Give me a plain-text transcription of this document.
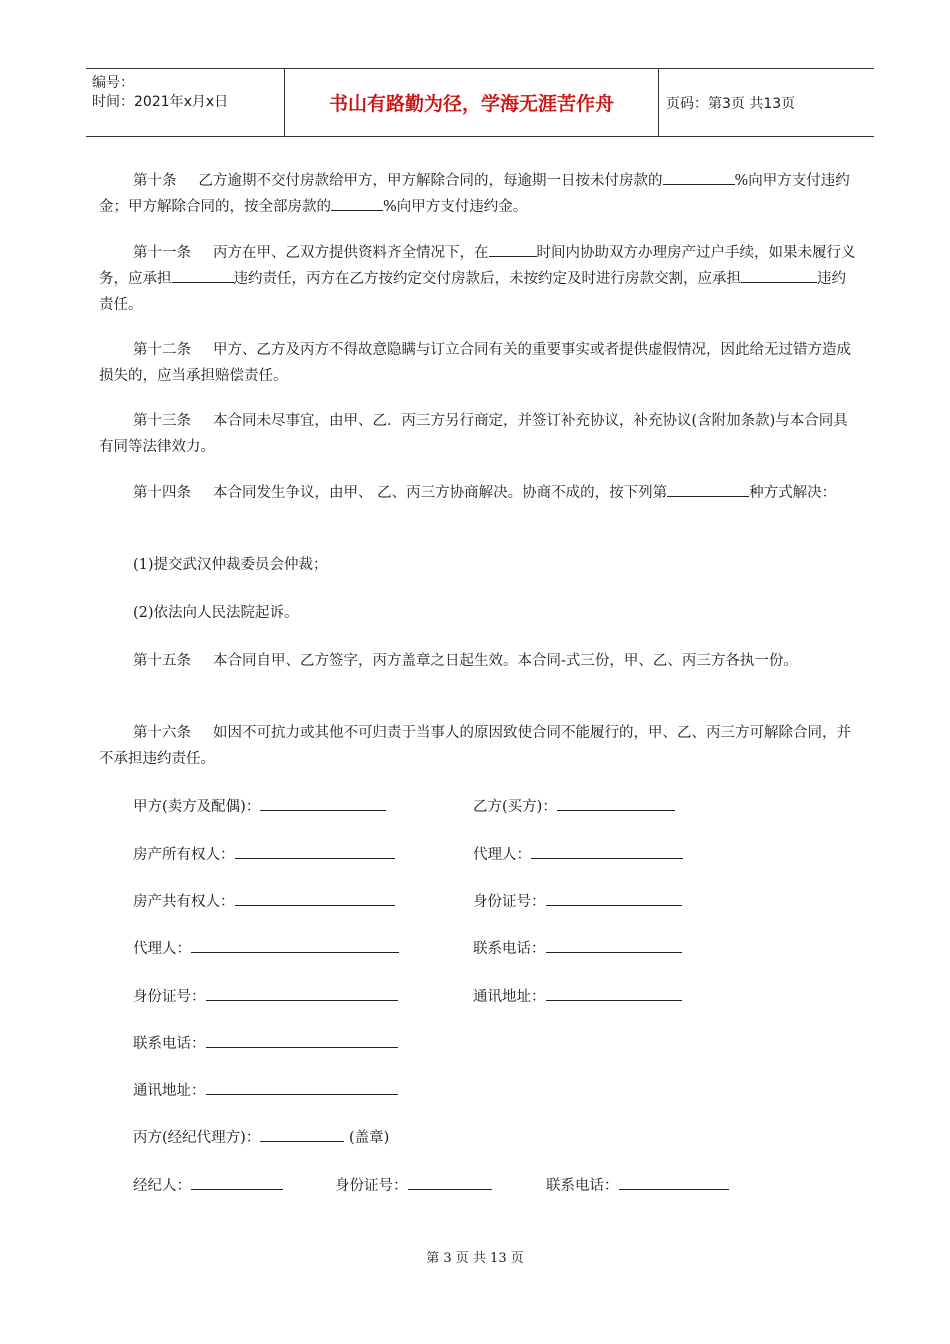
编号：
时间：2021年x月x日	书山有路勤为径，学海无涯苦作舟	页码：第3页 共13页

第十条 乙方逾期不交付房款给甲方，甲方解除合同的，每逾期一日按未付房款的	%向甲方支付违约金；甲方解除合同的，按全部房款的	%向甲方支付违约金。

第十一条 丙方在甲、乙双方提供资料齐全情况下，在	时间内协助双方办理房产过户手续，如果未履行义务，应承担	违约责任，丙方在乙方按约定交付房款后，未按约定及时进行房款交割，应承担	违约责任。

第十二条 甲方、乙方及丙方不得故意隐瞒与订立合同有关的重要事实或者提供虚假情况，因此给无过错方造成损失的，应当承担赔偿责任。

第十三条 本合同未尽事宜，由甲、乙．丙三方另行商定，并签订补充协议，补充协议(含附加条款)与本合同具有同等法律效力。

第十四条 本合同发生争议，由甲、 乙、丙三方协商解决。协商不成的，按下列第	种方式解决：

(1)提交武汉仲裁委员会仲裁；

(2)依法向人民法院起诉。

第十五条 本合同自甲、乙方签字，丙方盖章之日起生效。本合同-式三份，甲、乙、丙三方各执一份。

第十六条 如因不可抗力或其他不可归责于当事人的原因致使合同不能履行的，甲、乙、丙三方可解除合同，并不承担违约责任。

甲方(卖方及配偶)：	乙方(买方)：
房产所有权人：	代理人：
房产共有权人：	身份证号：
代理人：	联系电话：
身份证号：	通讯地址：
联系电话：
通讯地址：
丙方(经纪代理方)：	(盖章)
经纪人：	身份证号：	联系电话：
第 3 页 共 13 页
